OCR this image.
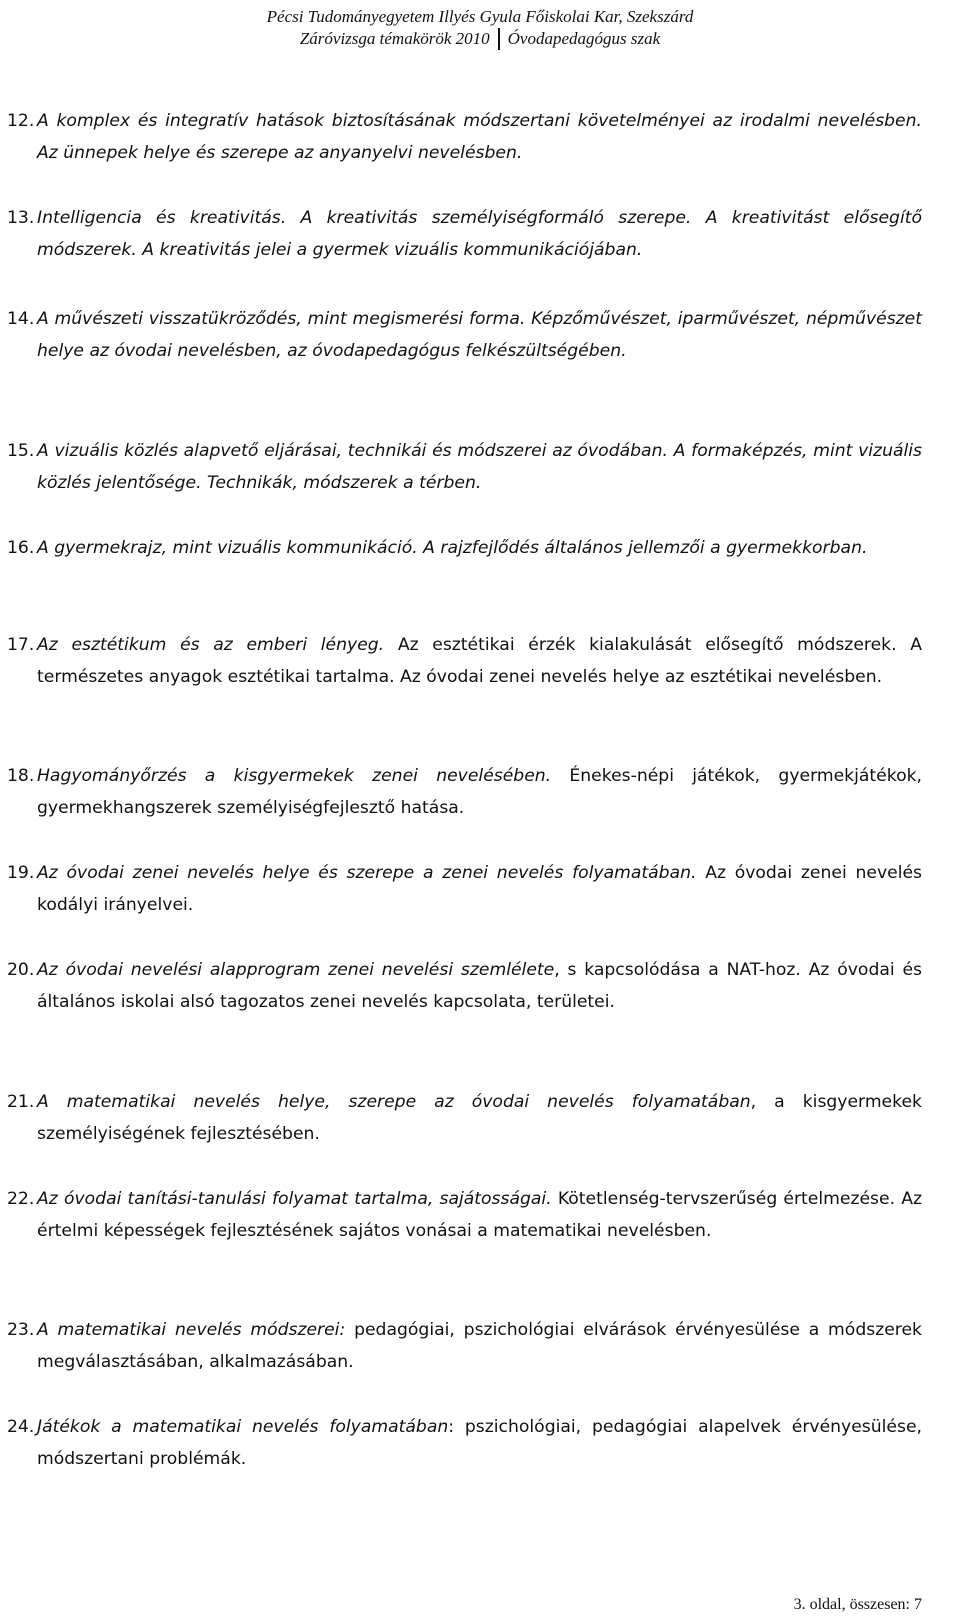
Pécsi Tudományegyetem Illyés Gyula Főiskolai Kar, Szekszárd
Záróvizsga témakörök 2010 Óvodapedagógus szak
12. A komplex és integratív hatások biztosításának módszertani követelményei az irodalmi nevelésben. Az ünnepek helye és szerepe az anyanyelvi nevelésben.
13. Intelligencia és kreativitás. A kreativitás személyiségformáló szerepe. A kreativitást elősegítő módszerek. A kreativitás jelei a gyermek vizuális kommunikációjában.
14. A művészeti visszatükröződés, mint megismerési forma. Képzőművészet, iparművészet, népművészet helye az óvodai nevelésben, az óvodapedagógus felkészültségében.
15. A vizuális közlés alapvető eljárásai, technikái és módszerei az óvodában. A formaképzés, mint vizuális közlés jelentősége. Technikák, módszerek a térben.
16. A gyermekrajz, mint vizuális kommunikáció. A rajzfejlődés általános jellemzői a gyermekkorban.
17. Az esztétikum és az emberi lényeg. Az esztétikai érzék kialakulását elősegítő módszerek. A természetes anyagok esztétikai tartalma. Az óvodai zenei nevelés helye az esztétikai nevelésben.
18. Hagyományőrzés a kisgyermekek zenei nevelésében. Énekes-népi játékok, gyermekjátékok, gyermekhangszerek személyiségfejlesztő hatása.
19. Az óvodai zenei nevelés helye és szerepe a zenei nevelés folyamatában. Az óvodai zenei nevelés kodályi irányelvei.
20. Az óvodai nevelési alapprogram zenei nevelési szemlélete, s kapcsolódása a NAT-hoz. Az óvodai és általános iskolai alsó tagozatos zenei nevelés kapcsolata, területei.
21. A matematikai nevelés helye, szerepe az óvodai nevelés folyamatában, a kisgyermekek személyiségének fejlesztésében.
22. Az óvodai tanítási-tanulási folyamat tartalma, sajátosságai. Kötetlenség-tervszerűség értelmezése. Az értelmi képességek fejlesztésének sajátos vonásai a matematikai nevelésben.
23. A matematikai nevelés módszerei: pedagógiai, pszichológiai elvárások érvényesülése a módszerek megválasztásában, alkalmazásában.
24. Játékok a matematikai nevelés folyamatában: pszichológiai, pedagógiai alapelvek érvényesülése, módszertani problémák.
3. oldal, összesen: 7
